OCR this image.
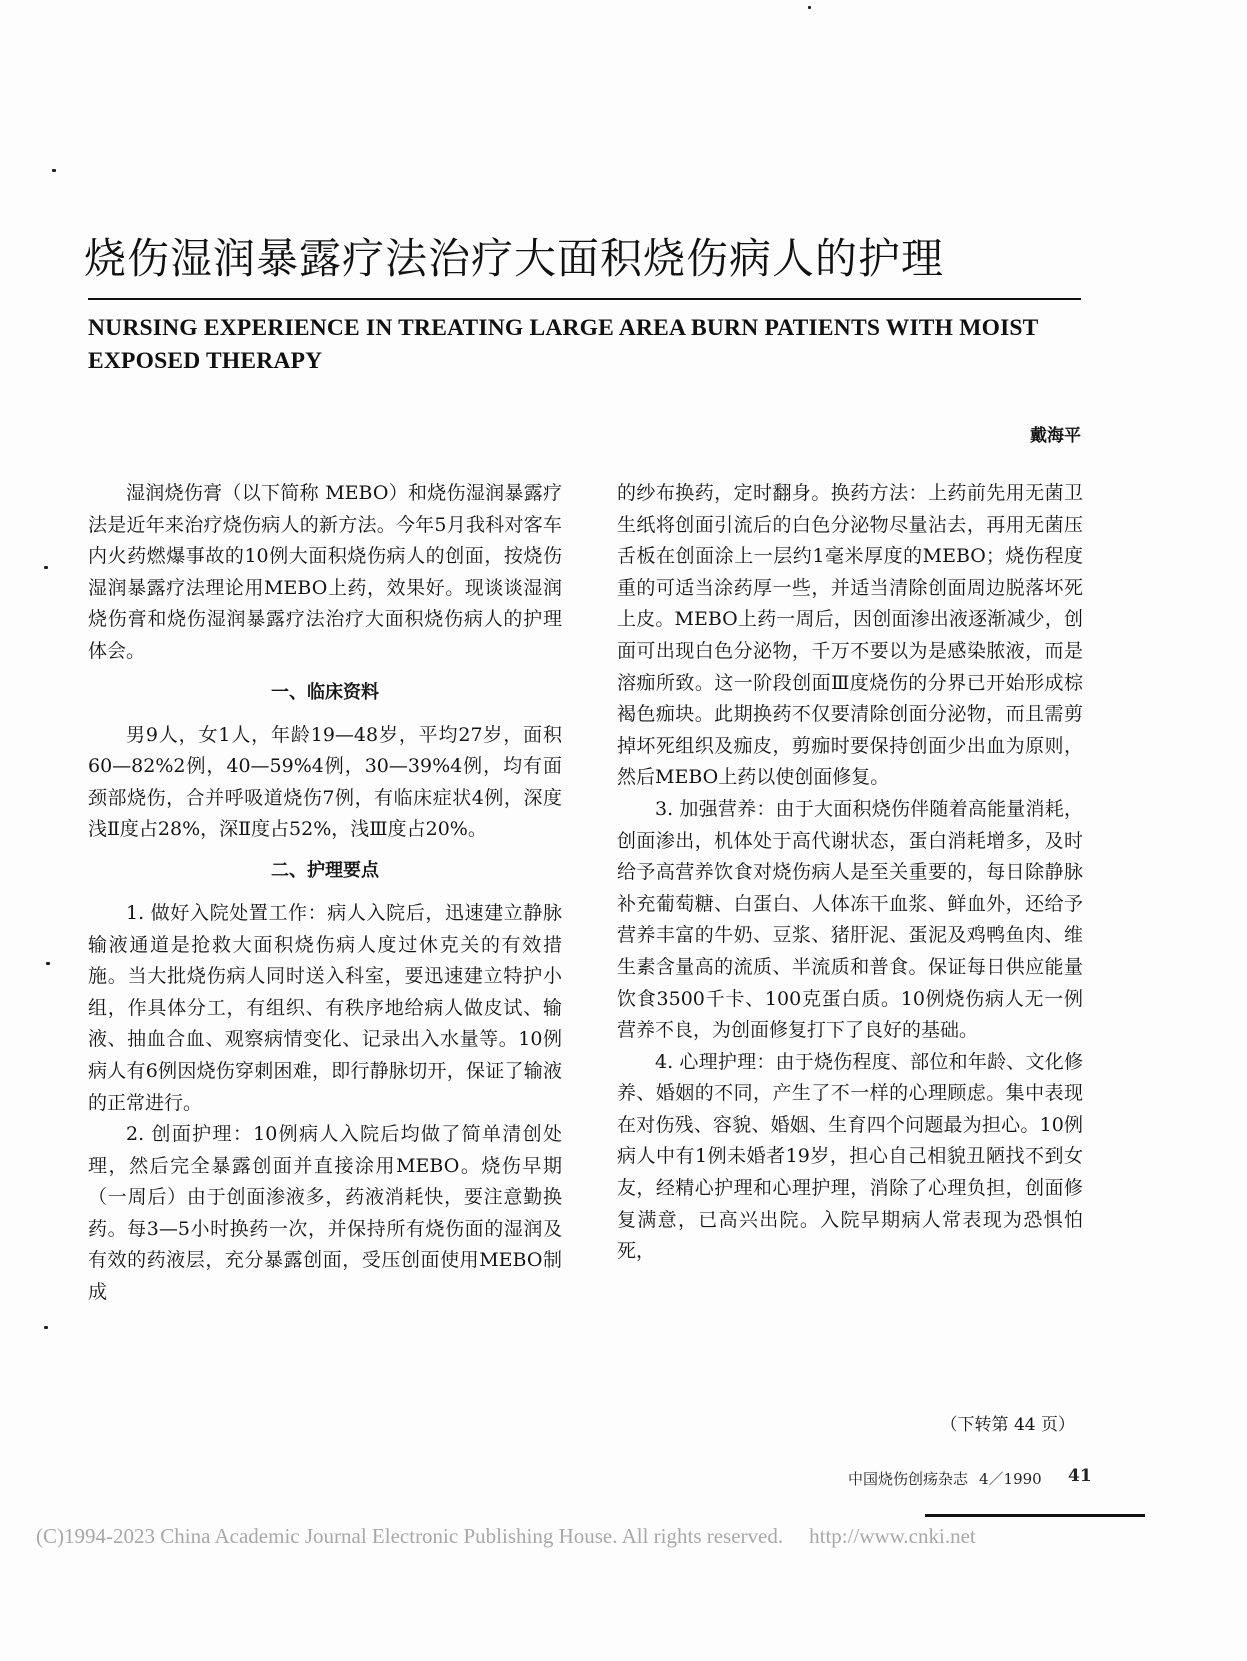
烧伤湿润暴露疗法治疗大面积烧伤病人的护理
NURSING EXPERIENCE IN TREATING LARGE AREA BURN PATIENTS WITH MOIST EXPOSED THERAPY
戴海平

湿润烧伤膏（以下简称 MEBO）和烧伤湿润暴露疗法是近年来治疗烧伤病人的新方法。今年5月我科对客车内火药燃爆事故的10例大面积烧伤病人的创面，按烧伤湿润暴露疗法理论用MEBO上药，效果好。现谈谈湿润烧伤膏和烧伤湿润暴露疗法治疗大面积烧伤病人的护理体会。

一、临床资料

男9人，女1人，年龄19—48岁，平均27岁，面积60—82%2例，40—59%4例，30—39%4例，均有面颈部烧伤，合并呼吸道烧伤7例，有临床症状4例，深度浅Ⅱ度占28%，深Ⅱ度占52%，浅Ⅲ度占20%。

二、护理要点

1. 做好入院处置工作：病人入院后，迅速建立静脉输液通道是抢救大面积烧伤病人度过休克关的有效措施。当大批烧伤病人同时送入科室，要迅速建立特护小组，作具体分工，有组织、有秩序地给病人做皮试、输液、抽血合血、观察病情变化、记录出入水量等。10例病人有6例因烧伤穿刺困难，即行静脉切开，保证了输液的正常进行。

2. 创面护理：10例病人入院后均做了简单清创处理，然后完全暴露创面并直接涂用MEBO。烧伤早期（一周后）由于创面渗液多，药液消耗快，要注意勤换药。每3—5小时换药一次，并保持所有烧伤面的湿润及有效的药液层，充分暴露创面，受压创面使用MEBO制成

的纱布换药，定时翻身。换药方法：上药前先用无菌卫生纸将创面引流后的白色分泌物尽量沾去，再用无菌压舌板在创面涂上一层约1毫米厚度的MEBO；烧伤程度重的可适当涂药厚一些，并适当清除创面周边脱落坏死上皮。MEBO上药一周后，因创面渗出液逐渐减少，创面可出现白色分泌物，千万不要以为是感染脓液，而是溶痂所致。这一阶段创面Ⅲ度烧伤的分界已开始形成棕褐色痂块。此期换药不仅要清除创面分泌物，而且需剪掉坏死组织及痂皮，剪痂时要保持创面少出血为原则，然后MEBO上药以使创面修复。

3. 加强营养：由于大面积烧伤伴随着高能量消耗，创面渗出，机体处于高代谢状态，蛋白消耗增多，及时给予高营养饮食对烧伤病人是至关重要的，每日除静脉补充葡萄糖、白蛋白、人体冻干血浆、鲜血外，还给予营养丰富的牛奶、豆浆、猪肝泥、蛋泥及鸡鸭鱼肉、维生素含量高的流质、半流质和普食。保证每日供应能量饮食3500千卡、100克蛋白质。10例烧伤病人无一例营养不良，为创面修复打下了良好的基础。

4. 心理护理：由于烧伤程度、部位和年龄、文化修养、婚姻的不同，产生了不一样的心理顾虑。集中表现在对伤残、容貌、婚姻、生育四个问题最为担心。10例病人中有1例未婚者19岁，担心自己相貌丑陋找不到女友，经精心护理和心理护理，消除了心理负担，创面修复满意，已高兴出院。入院早期病人常表现为恐惧怕死，

（下转第 44 页）
中国烧伤创疡杂志 4／1990 41
(C)1994-2023 China Academic Journal Electronic Publishing House. All rights reserved. http://www.cnki.net
